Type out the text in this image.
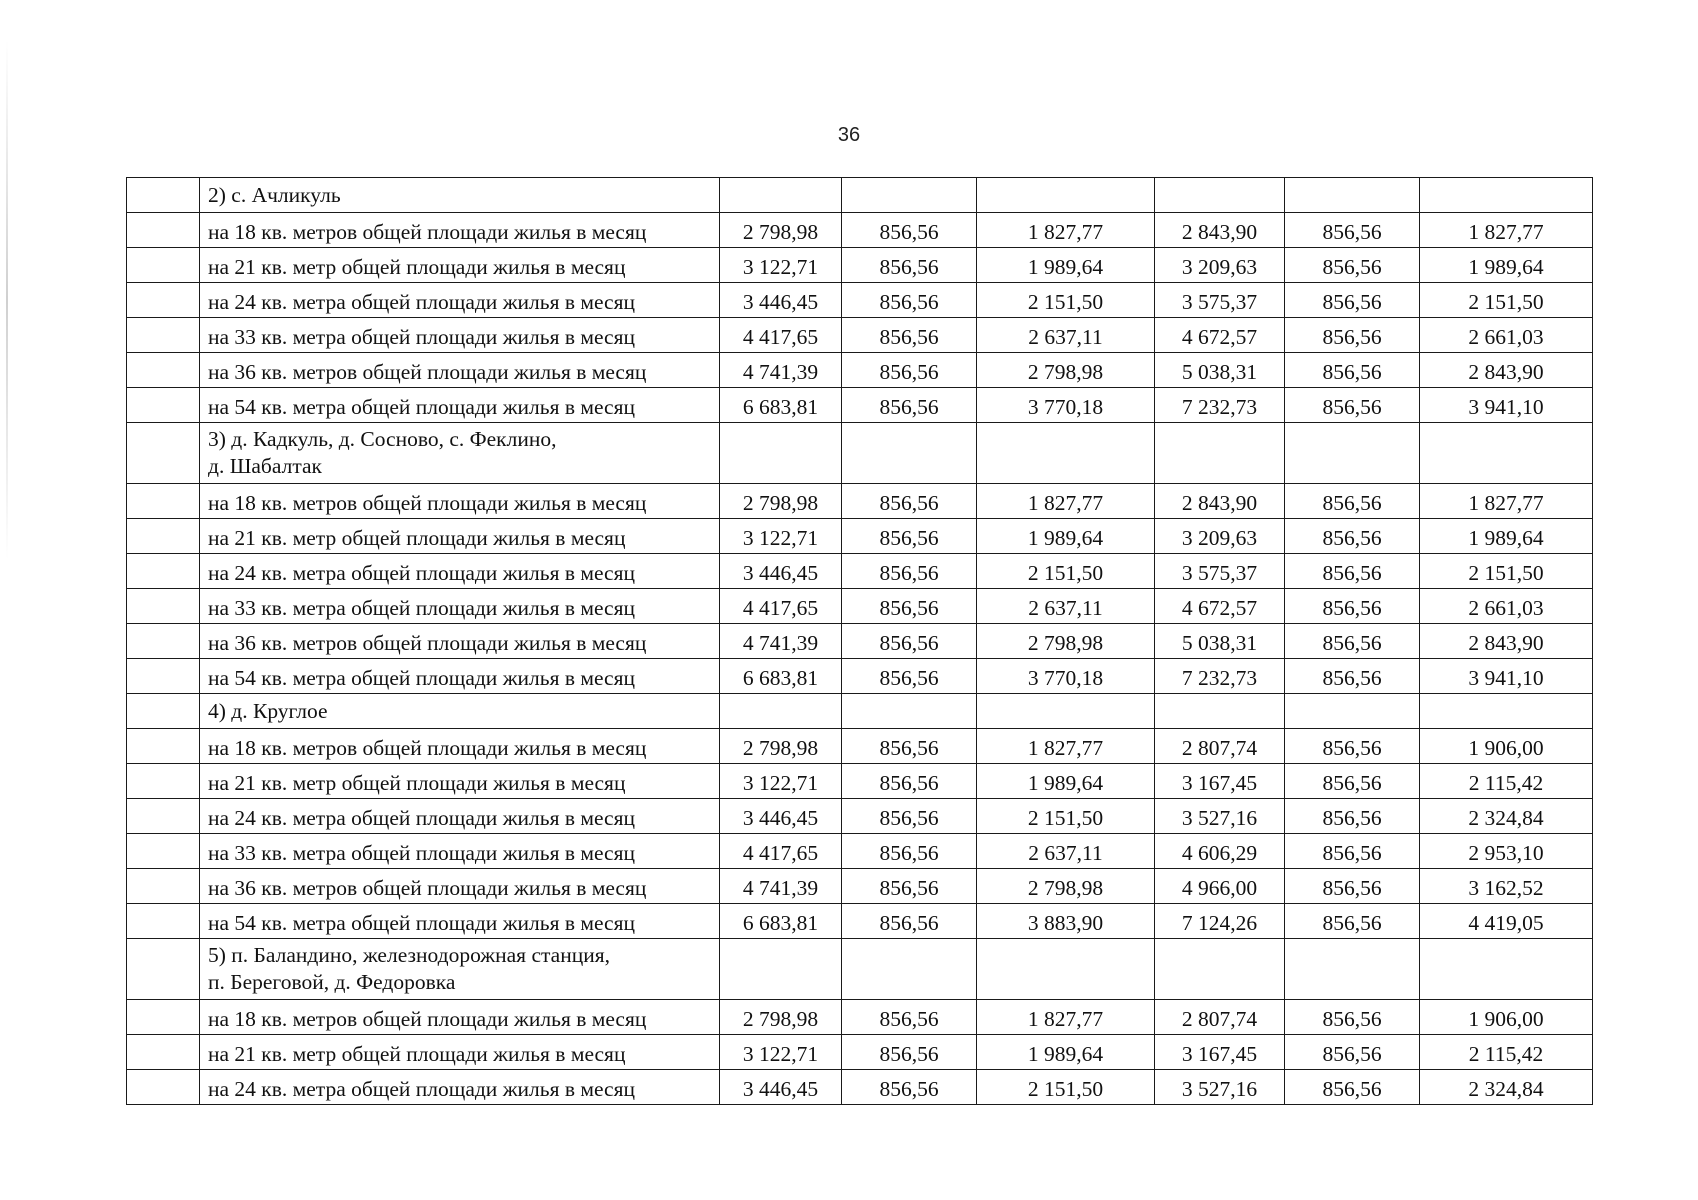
36
	2) с. Ачликуль						
	на 18 кв. метров общей площади жилья в месяц	2 798,98	856,56	1 827,77	2 843,90	856,56	1 827,77
	на 21 кв. метр общей площади жилья в месяц	3 122,71	856,56	1 989,64	3 209,63	856,56	1 989,64
	на 24 кв. метра общей площади жилья в месяц	3 446,45	856,56	2 151,50	3 575,37	856,56	2 151,50
	на 33 кв. метра общей площади жилья в месяц	4 417,65	856,56	2 637,11	4 672,57	856,56	2 661,03
	на 36 кв. метров общей площади жилья в месяц	4 741,39	856,56	2 798,98	5 038,31	856,56	2 843,90
	на 54 кв. метра общей площади жилья в месяц	6 683,81	856,56	3 770,18	7 232,73	856,56	3 941,10
	3) д. Кадкуль, д. Сосново, с. Феклино,
д. Шабалтак						
	на 18 кв. метров общей площади жилья в месяц	2 798,98	856,56	1 827,77	2 843,90	856,56	1 827,77
	на 21 кв. метр общей площади жилья в месяц	3 122,71	856,56	1 989,64	3 209,63	856,56	1 989,64
	на 24 кв. метра общей площади жилья в месяц	3 446,45	856,56	2 151,50	3 575,37	856,56	2 151,50
	на 33 кв. метра общей площади жилья в месяц	4 417,65	856,56	2 637,11	4 672,57	856,56	2 661,03
	на 36 кв. метров общей площади жилья в месяц	4 741,39	856,56	2 798,98	5 038,31	856,56	2 843,90
	на 54 кв. метра общей площади жилья в месяц	6 683,81	856,56	3 770,18	7 232,73	856,56	3 941,10
	4) д. Круглое						
	на 18 кв. метров общей площади жилья в месяц	2 798,98	856,56	1 827,77	2 807,74	856,56	1 906,00
	на 21 кв. метр общей площади жилья в месяц	3 122,71	856,56	1 989,64	3 167,45	856,56	2 115,42
	на 24 кв. метра общей площади жилья в месяц	3 446,45	856,56	2 151,50	3 527,16	856,56	2 324,84
	на 33 кв. метра общей площади жилья в месяц	4 417,65	856,56	2 637,11	4 606,29	856,56	2 953,10
	на 36 кв. метров общей площади жилья в месяц	4 741,39	856,56	2 798,98	4 966,00	856,56	3 162,52
	на 54 кв. метра общей площади жилья в месяц	6 683,81	856,56	3 883,90	7 124,26	856,56	4 419,05
	5) п. Баландино, железнодорожная станция,
п. Береговой, д. Федоровка						
	на 18 кв. метров общей площади жилья в месяц	2 798,98	856,56	1 827,77	2 807,74	856,56	1 906,00
	на 21 кв. метр общей площади жилья в месяц	3 122,71	856,56	1 989,64	3 167,45	856,56	2 115,42
	на 24 кв. метра общей площади жилья в месяц	3 446,45	856,56	2 151,50	3 527,16	856,56	2 324,84
